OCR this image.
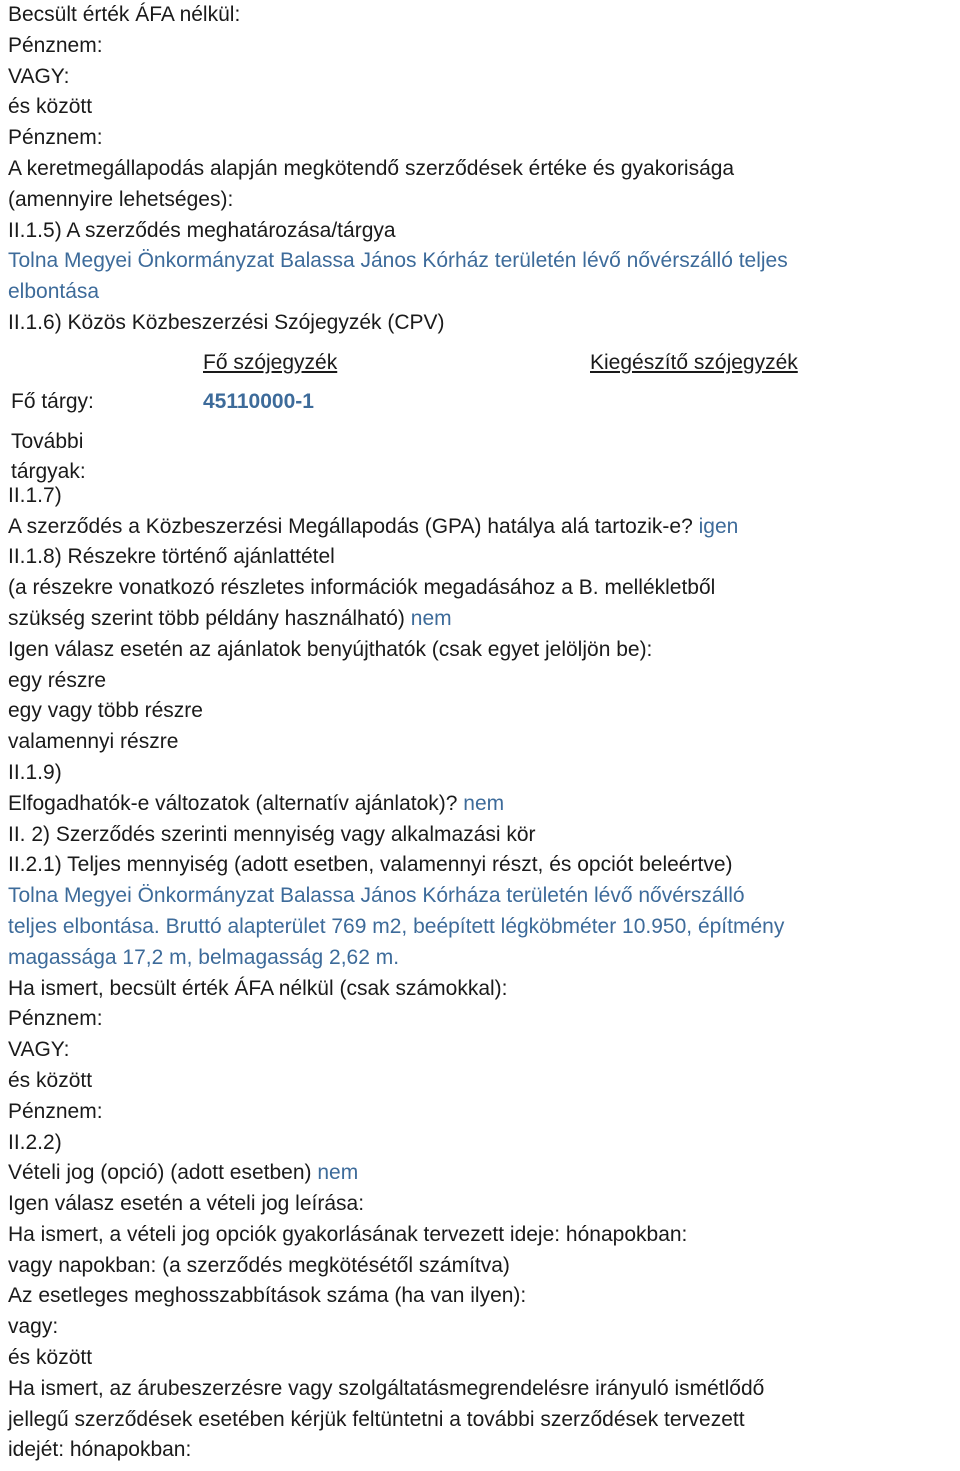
Becsült érték ÁFA nélkül:
Pénznem:
VAGY:
és között
Pénznem:
A keretmegállapodás alapján megkötendő szerződések értéke és gyakorisága
(amennyire lehetséges):
II.1.5) A szerződés meghatározása/tárgya
Tolna Megyei Önkormányzat Balassa János Kórház területén lévő nővérszálló teljes
elbontása
II.1.6) Közös Közbeszerzési Szójegyzék (CPV)
Fő szójegyzék	Kiegészítő szójegyzék
Fő tárgy:	45110000-1
További
tárgyak:
II.1.7)
A szerződés a Közbeszerzési Megállapodás (GPA) hatálya alá tartozik-e? igen
II.1.8) Részekre történő ajánlattétel
(a részekre vonatkozó részletes információk megadásához a B. mellékletből
szükség szerint több példány használható) nem
Igen válasz esetén az ajánlatok benyújthatók (csak egyet jelöljön be):
egy részre
egy vagy több részre
valamennyi részre
II.1.9)
Elfogadhatók-e változatok (alternatív ajánlatok)? nem
II. 2) Szerződés szerinti mennyiség vagy alkalmazási kör
II.2.1) Teljes mennyiség (adott esetben, valamennyi részt, és opciót beleértve)
Tolna Megyei Önkormányzat Balassa János Kórháza területén lévő nővérszálló
teljes elbontása. Bruttó alapterület 769 m2, beépített légköbméter 10.950, építmény
magassága 17,2 m, belmagasság 2,62 m.
Ha ismert, becsült érték ÁFA nélkül (csak számokkal):
Pénznem:
VAGY:
és között
Pénznem:
II.2.2)
Vételi jog (opció) (adott esetben) nem
Igen válasz esetén a vételi jog leírása:
Ha ismert, a vételi jog opciók gyakorlásának tervezett ideje: hónapokban:
vagy napokban: (a szerződés megkötésétől számítva)
Az esetleges meghosszabbítások száma (ha van ilyen):
vagy:
és között
Ha ismert, az árubeszerzésre vagy szolgáltatásmegrendelésre irányuló ismétlődő
jellegű szerződések esetében kérjük feltüntetni a további szerződések tervezett
idejét: hónapokban:
